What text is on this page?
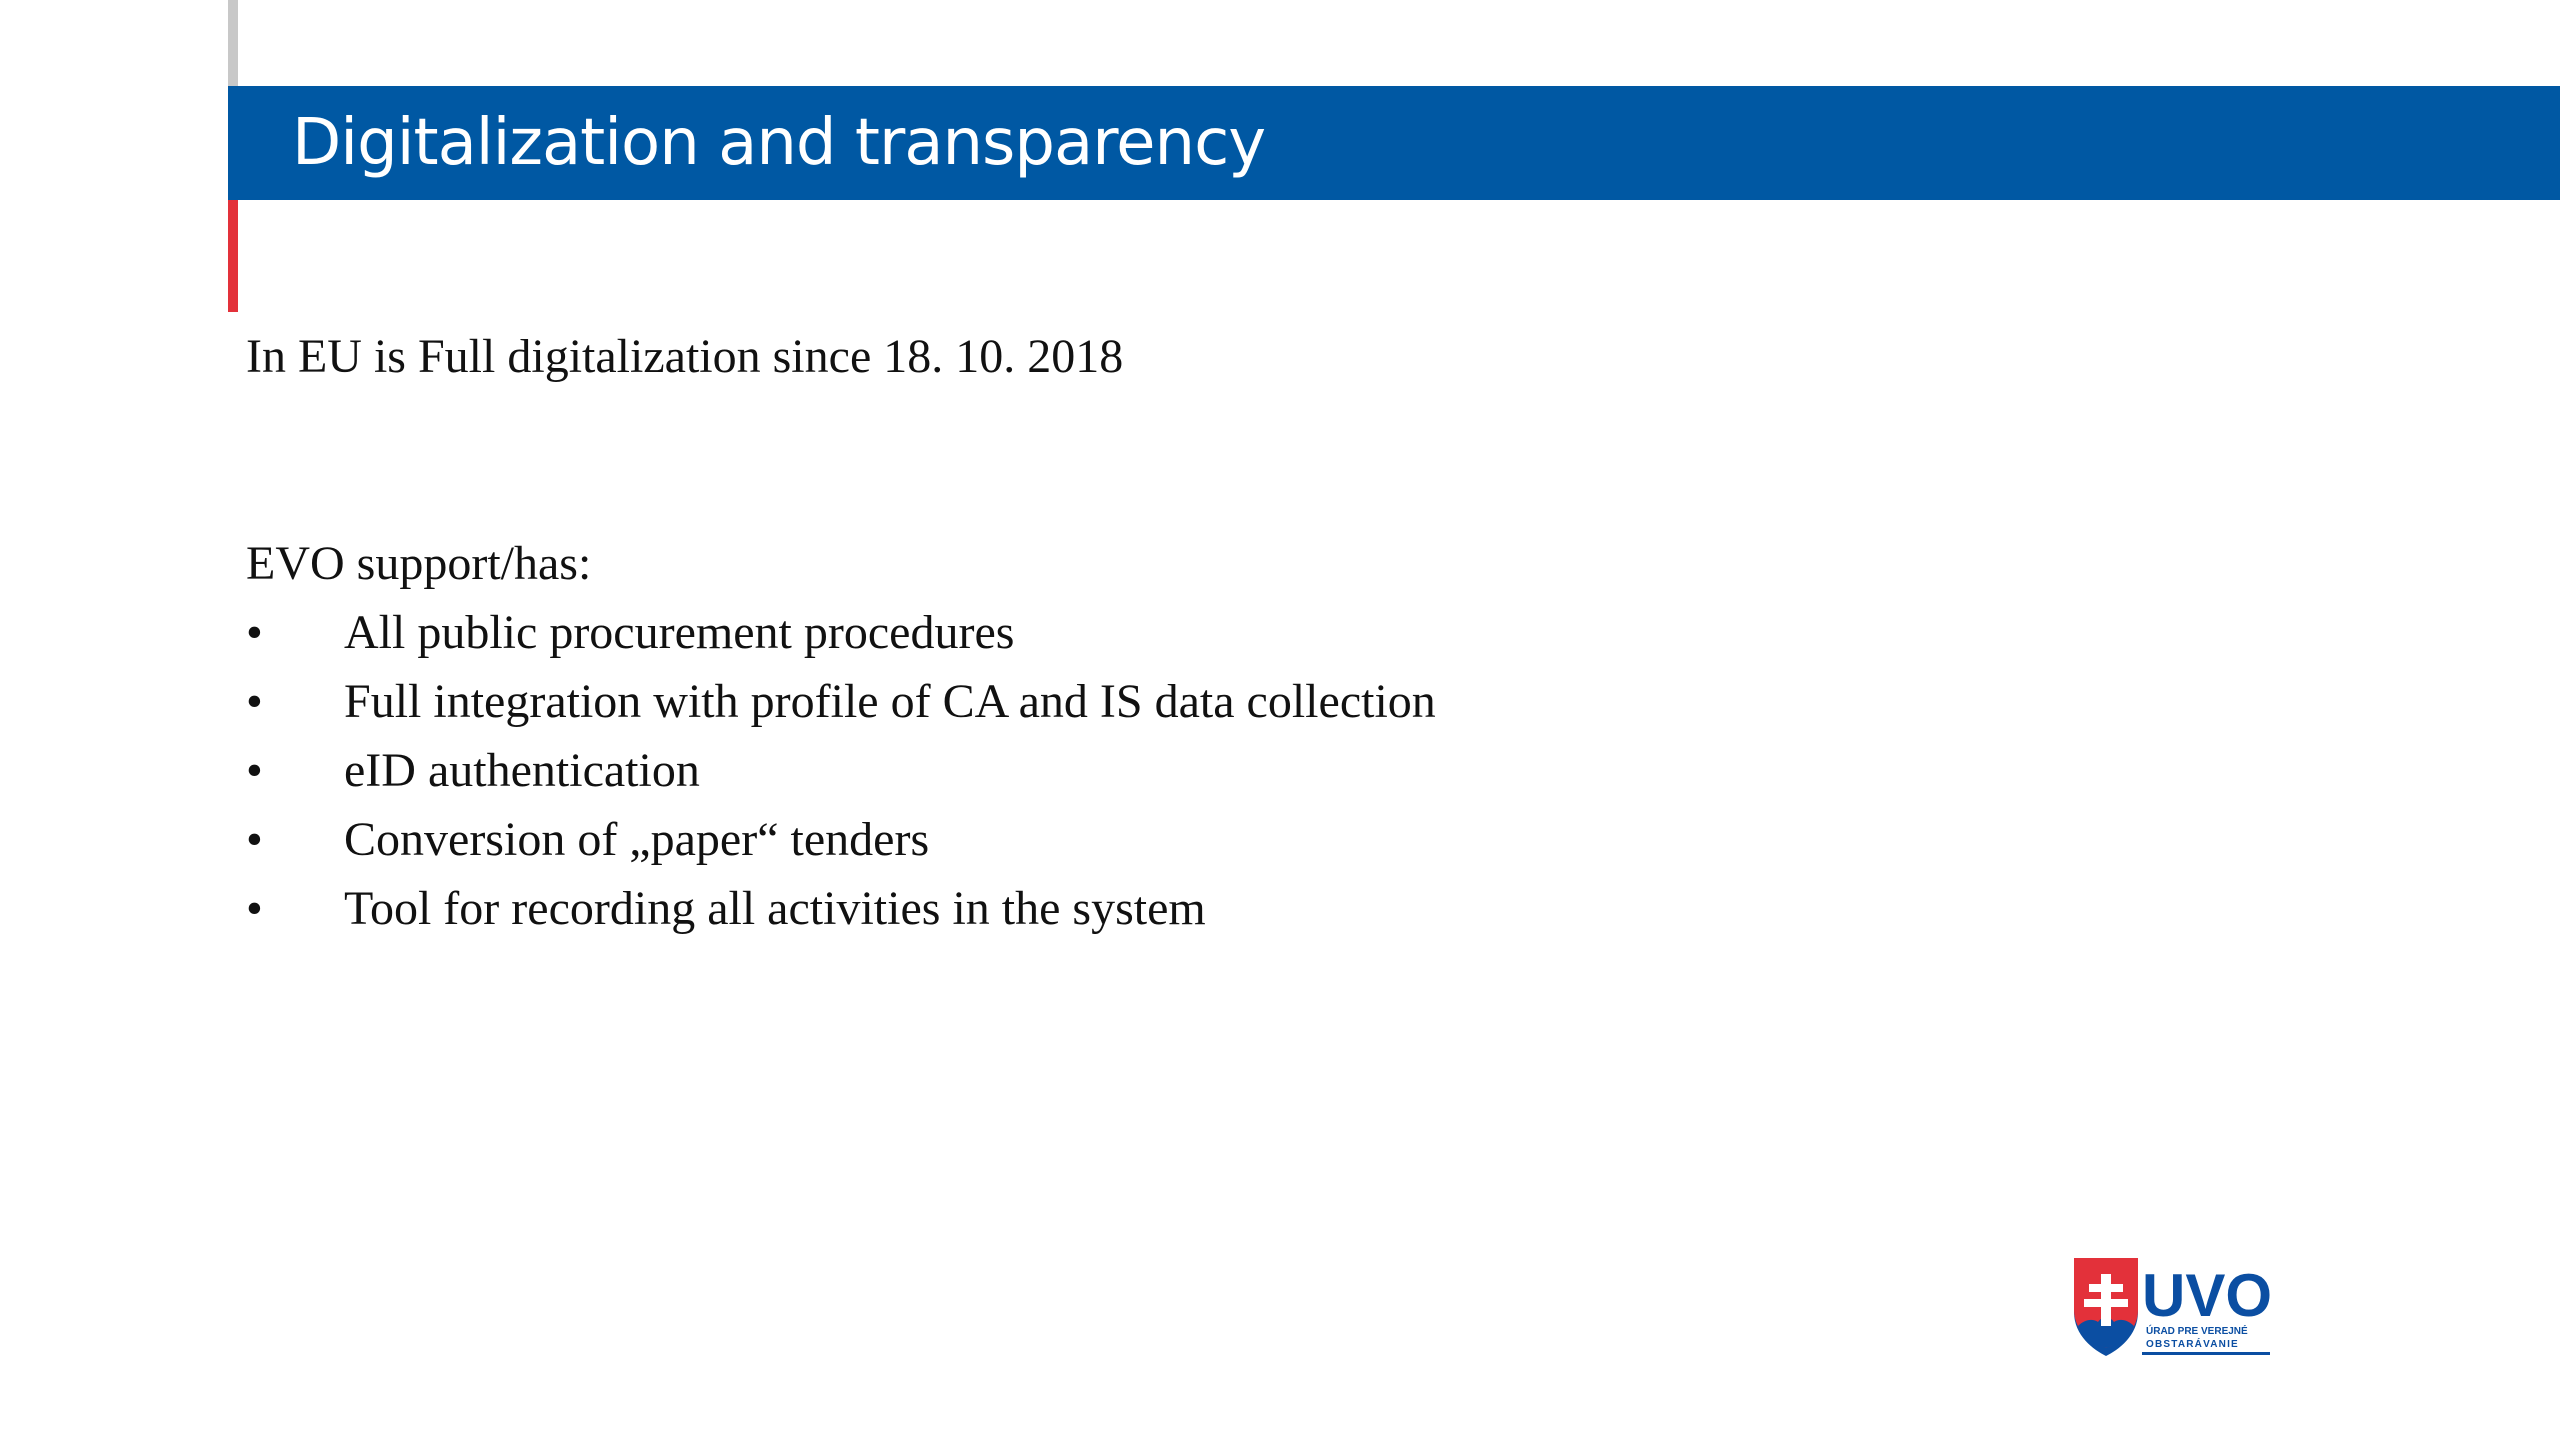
Digitalization and transparency

In EU is Full digitalization since 18. 10. 2018

EVO support/has:

•	All public procurement procedures
•	Full integration with profile of CA and IS data collection
•	eID authentication
•	Conversion of „paper“ tenders
•	Tool for recording all activities in the system
UVO
ÚRAD PRE VEREJNÉ
OBSTARÁVANIE
